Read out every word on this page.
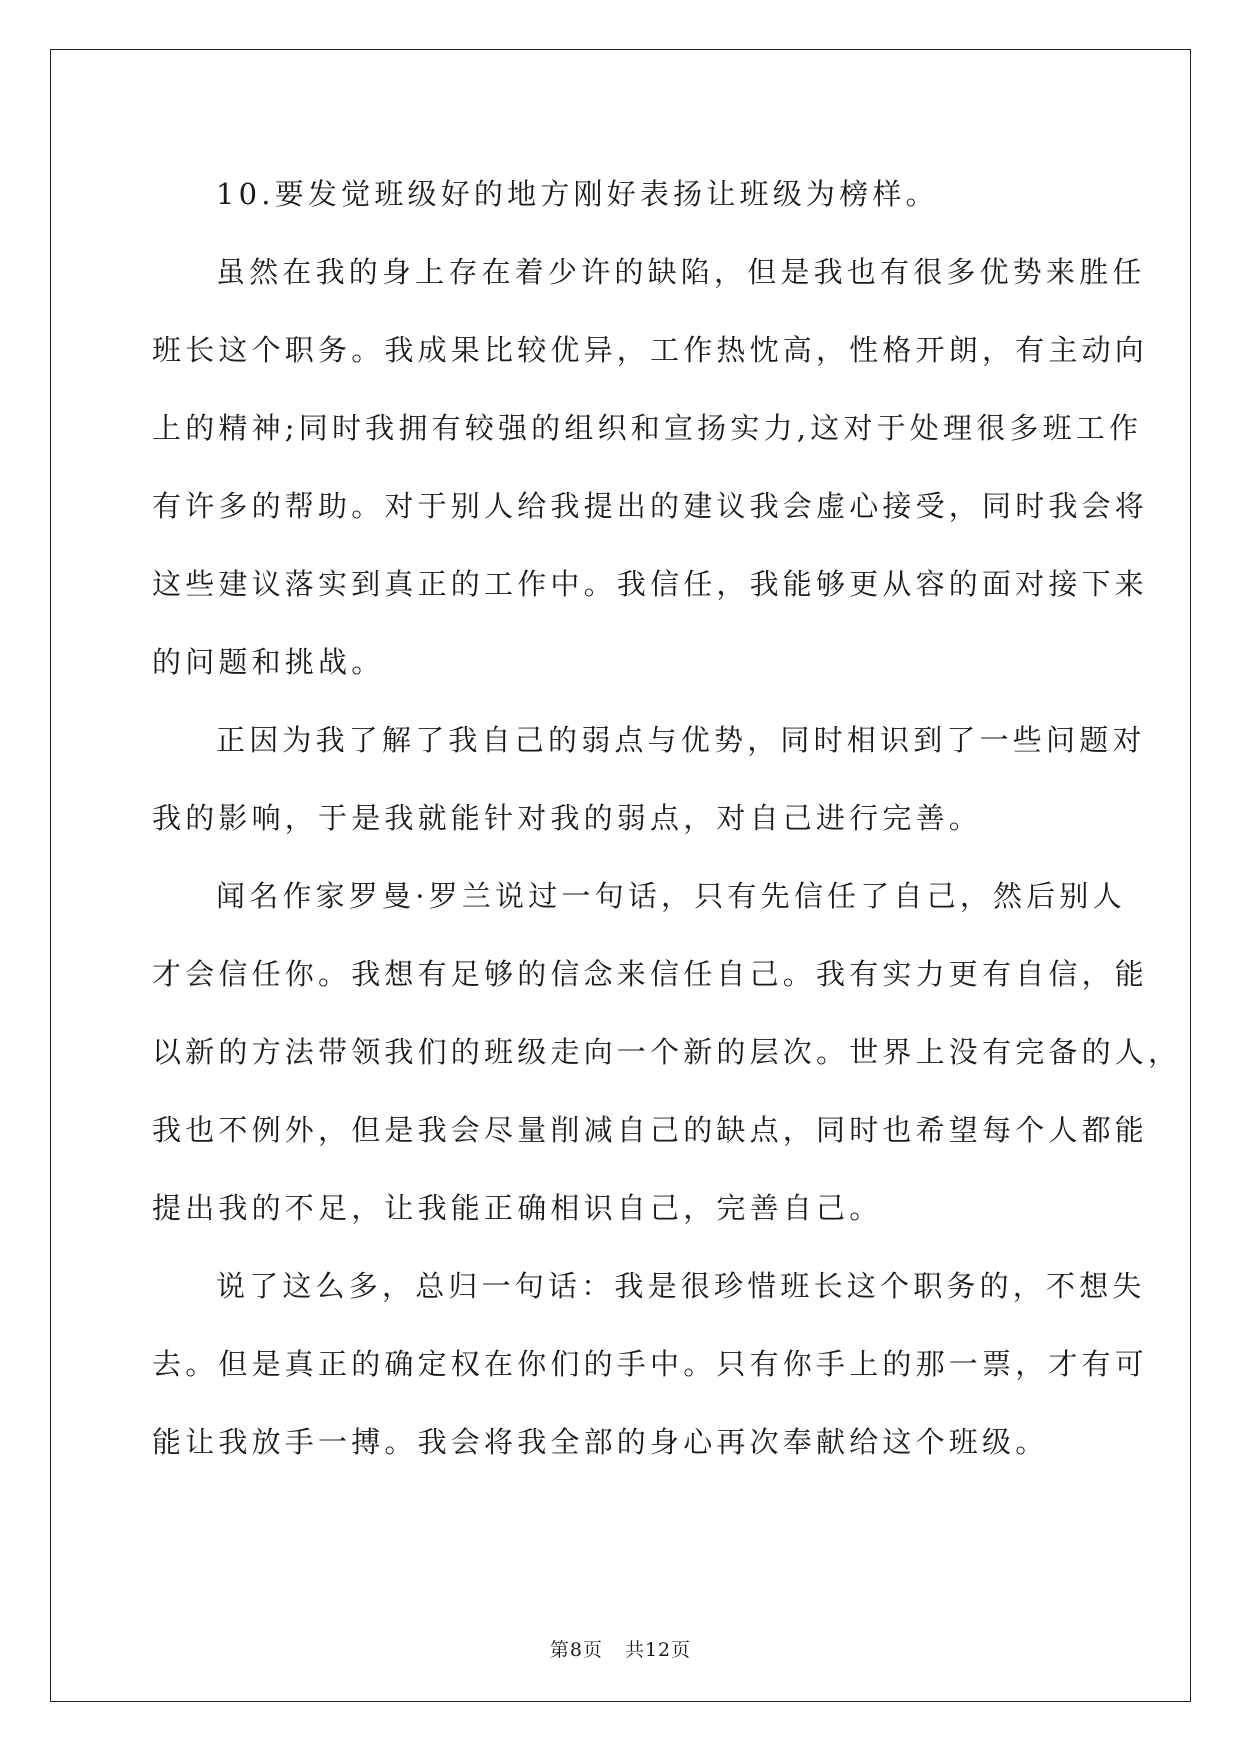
10.要发觉班级好的地方刚好表扬让班级为榜样。
虽然在我的身上存在着少许的缺陷，但是我也有很多优势来胜任
班长这个职务。我成果比较优异，工作热忱高，性格开朗，有主动向
上的精神;同时我拥有较强的组织和宣扬实力,这对于处理很多班工作
有许多的帮助。对于别人给我提出的建议我会虚心接受，同时我会将
这些建议落实到真正的工作中。我信任，我能够更从容的面对接下来
的问题和挑战。
正因为我了解了我自己的弱点与优势，同时相识到了一些问题对
我的影响，于是我就能针对我的弱点，对自己进行完善。
闻名作家罗曼·罗兰说过一句话，只有先信任了自己，然后别人
才会信任你。我想有足够的信念来信任自己。我有实力更有自信，能
以新的方法带领我们的班级走向一个新的层次。世界上没有完备的人，
我也不例外，但是我会尽量削减自己的缺点，同时也希望每个人都能
提出我的不足，让我能正确相识自己，完善自己。
说了这么多，总归一句话：我是很珍惜班长这个职务的，不想失
去。但是真正的确定权在你们的手中。只有你手上的那一票，才有可
能让我放手一搏。我会将我全部的身心再次奉献给这个班级。
第8页 共12页
